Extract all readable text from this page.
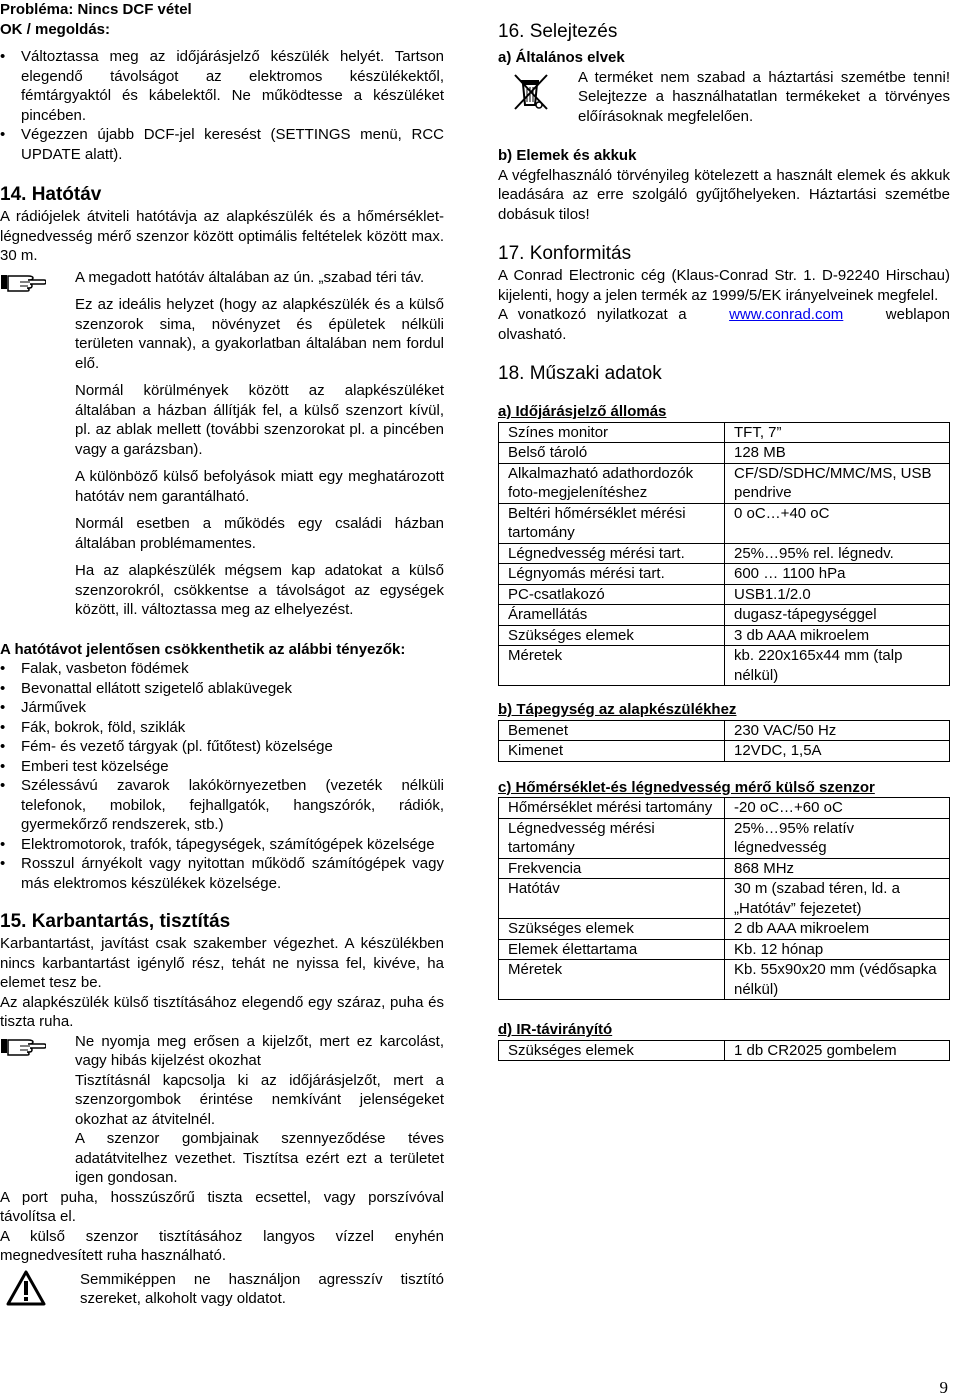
Probléma: Nincs DCF vétel

OK / megoldás:

• Változtassa meg az időjárásjelző készülék helyét. Tartson elegendő távolságot az elektromos készülékektől, fémtárgyaktól és kábelektől. Ne működtesse a készüléket pincében.
• Végezzen újabb DCF-jel keresést (SETTINGS menü, RCC UPDATE alatt).
14. Hatótáv

A rádiójelek átviteli hatótávja az alapkészülék és a hőmérséklet-légnedvesség mérő szenzor között optimális feltételek között max. 30 m.

A megadott hatótáv általában az ún. „szabad téri táv.

Ez az ideális helyzet (hogy az alapkészülék és a külső szenzorok sima, növényzet és épületek nélküli területen vannak), a gyakorlatban általában nem fordul elő.

Normál körülmények között az alapkészüléket általában a házban állítják fel, a külső szenzort kívül, pl. az ablak mellett (további szenzorokat pl. a pincében vagy a garázsban).

A különböző külső befolyások miatt egy meghatározott hatótáv nem garantálható.

Normál esetben a működés egy családi házban általában problémamentes.

Ha az alapkészülék mégsem kap adatokat a külső szenzorokról, csökkentse a távolságot az egységek között, ill. változtassa meg az elhelyezést.

A hatótávot jelentősen csökkenthetik az alábbi tényezők:

• Falak, vasbeton födémek
• Bevonattal ellátott szigetelő ablaküvegek
• Járművek
• Fák, bokrok, föld, sziklák
• Fém- és vezető tárgyak (pl. fűtőtest) közelsége
• Emberi test közelsége
• Szélessávú zavarok lakókörnyezetben (vezeték nélküli telefonok, mobilok, fejhallgatók, hangszórók, rádiók, gyermekőrző rendszerek, stb.)
• Elektromotorok, trafók, tápegységek, számítógépek közelsége
• Rosszul árnyékolt vagy nyitottan működő számítógépek vagy más elektromos készülékek közelsége.
15. Karbantartás, tisztítás

Karbantartást, javítást csak szakember végezhet. A készülékben nincs karbantartást igénylő rész, tehát ne nyissa fel, kivéve, ha elemet tesz be.

Az alapkészülék külső tisztításához elegendő egy száraz, puha és tiszta ruha.

Ne nyomja meg erősen a kijelzőt, mert ez karcolást, vagy hibás kijelzést okozhat

Tisztításnál kapcsolja ki az időjárásjelzőt, mert a szenzorgombok érintése nemkívánt jelenségeket okozhat az átvitelnél.

A szenzor gombjainak szennyeződése téves adatátvitelhez vezethet. Tisztítsa ezért ezt a területet igen gondosan.

A port puha, hosszúszőrű tiszta ecsettel, vagy porszívóval távolítsa el.

A külső szenzor tisztításához langyos vízzel enyhén megnedvesített ruha használható.

Semmiképpen ne használjon agresszív tisztító szereket, alkoholt vagy oldatot.

16. Selejtezés

a) Általános elvek

A terméket nem szabad a háztartási szemétbe tenni! Selejtezze a használhatatlan termékeket a törvényes előírásoknak megfelelően.

b) Elemek és akkuk

A végfelhasználó törvényileg kötelezett a használt elemek és akkuk leadására az erre szolgáló gyűjtőhelyeken. Háztartási szemétbe dobásuk tilos!

17. Konformitás

A Conrad Electronic cég (Klaus-Conrad Str. 1. D-92240 Hirschau) kijelenti, hogy a jelen termék az 1999/5/EK irányelveinek megfelel.

A vonatkozó nyilatkozat a	www.conrad.com	weblapon olvasható.

18. Műszaki adatok

a) Időjárásjelző állomás

Színes monitor	TFT, 7”
Belső tároló	128 MB
Alkalmazható adathordozók foto-megjelenítéshez	CF/SD/SDHC/MMC/MS, USB pendrive
Beltéri hőmérséklet mérési tartomány	0 oC…+40 oC
Légnedvesség mérési tart.	25%…95% rel. légnedv.
Légnyomás mérési tart.	600 … 1100 hPa
PC-csatlakozó	USB1.1/2.0
Áramellátás	dugasz-tápegységgel
Szükséges elemek	3 db AAA mikroelem
Méretek	kb. 220x165x44 mm (talp nélkül)

b) Tápegység az alapkészülékhez

Bemenet	230 VAC/50 Hz
Kimenet	12VDC, 1,5A

c) Hőmérséklet-és légnedvesség mérő külső szenzor

Hőmérséklet mérési tartomány	-20 oC…+60 oC
Légnedvesség mérési tartomány	25%…95% relatív légnedvesség
Frekvencia	868 MHz
Hatótáv	30 m (szabad téren, ld. a „Hatótáv” fejezetet)
Szükséges elemek	2 db AAA mikroelem
Elemek élettartama	Kb. 12 hónap
Méretek	Kb. 55x90x20 mm (védősapka nélkül)

d) IR-távirányító

Szükséges elemek	1 db CR2025 gombelem
9
